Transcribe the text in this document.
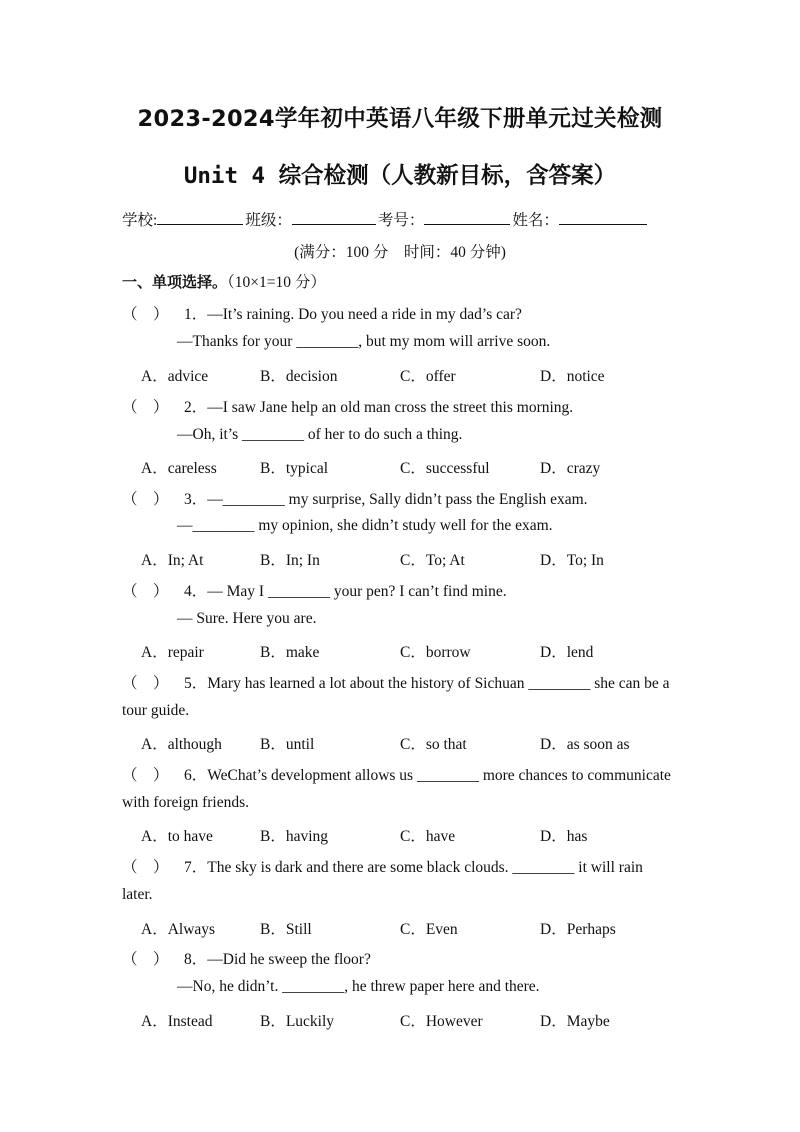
2023-2024学年初中英语八年级下册单元过关检测
Unit 4 综合检测（人教新目标，含答案）
学校:	班级：	考号：	姓名：
(满分：100 分　时间：40 分钟)
一、单项选择。（10×1=10 分）
（　） 1．—It’s raining. Do you need a ride in my dad’s car?
—Thanks for your ________, but my mom will arrive soon.
A．advice	B．decision	C．offer	D．notice
（　） 2．—I saw Jane help an old man cross the street this morning.
—Oh, it’s ________ of her to do such a thing.
A．careless	B．typical	C．successful	D．crazy
（　） 3．—________ my surprise, Sally didn’t pass the English exam.
—________ my opinion, she didn’t study well for the exam.
A．In; At	B．In; In	C．To; At	D．To; In
（　） 4．— May I ________ your pen? I can’t find mine.
— Sure. Here you are.
A．repair	B．make	C．borrow	D．lend
（　） 5．Mary has learned a lot about the history of Sichuan ________ she can be a
tour guide.
A．although B．until	C．so that	D．as soon as
（　） 6．WeChat’s development allows us ________ more chances to communicate
with foreign friends.
A．to have	B．having	C．have	D．has
（　） 7．The sky is dark and there are some black clouds. ________ it will rain
later.
A．Always	B．Still	C．Even	D．Perhaps
（　） 8．—Did he sweep the floor?
—No, he didn’t. ________, he threw paper here and there.
A．Instead	B．Luckily	C．However	D．Maybe
